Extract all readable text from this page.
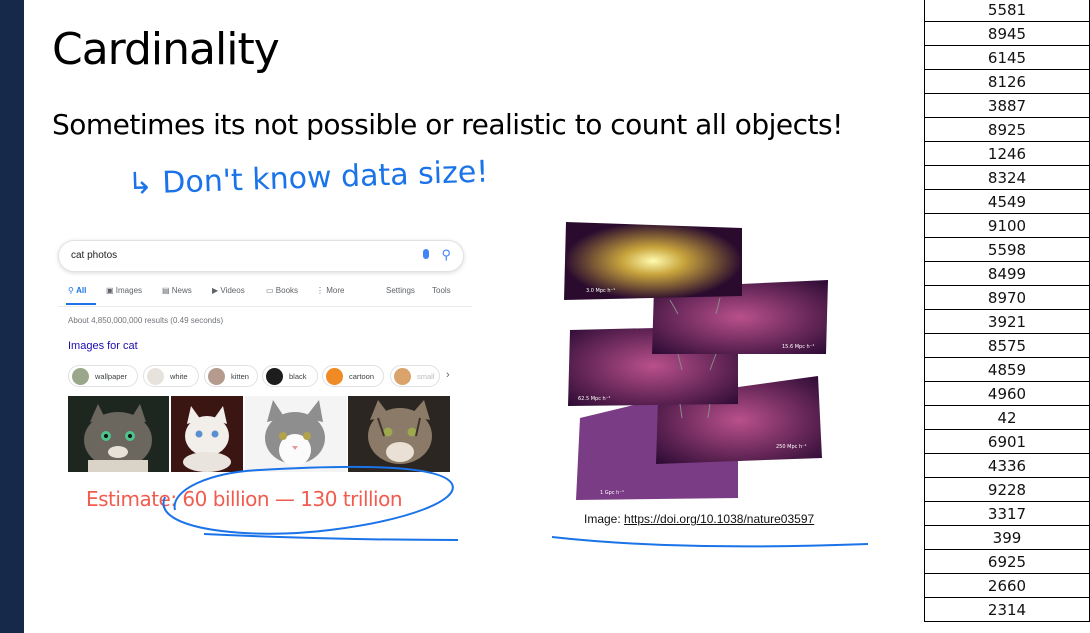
Cardinality
Sometimes its not possible or realistic to count all objects!
cat photos	⚲
⚲ All ▣ Images ▤ News	▶ Videos	▭ Books ⋮ More	Settings Tools
About 4,850,000,000 results (0.49 seconds)
Images for cat
wallpaper	white	kitten	black	cartoon	small	›
3.0 Mpc h⁻¹
15.6 Mpc h⁻¹
62.5 Mpc h⁻¹
250 Mpc h⁻¹
1 Gpc h⁻¹
Estimate: 60 billion — 130 trillion
Image: https://doi.org/10.1038/nature03597
5581
8945
6145
8126
3887
8925
1246
8324
4549
9100
5598
8499
8970
3921
8575
4859
4960
42
6901
4336
9228
3317
399
6925
2660
2314
↳ Don't know data size!
